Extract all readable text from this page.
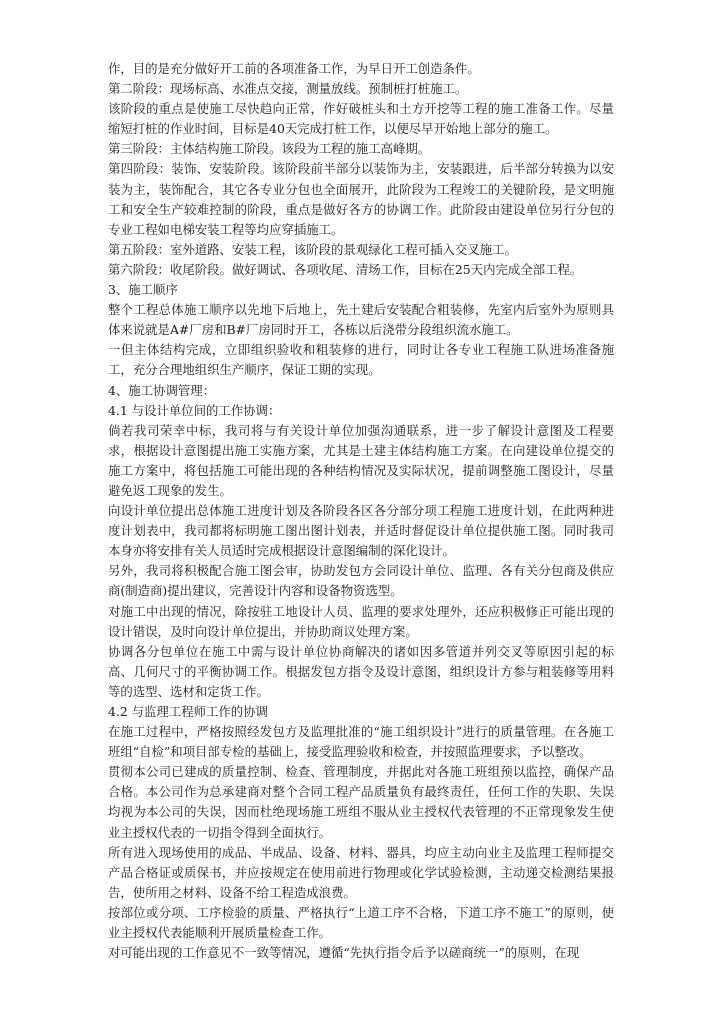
作，目的是充分做好开工前的各项准备工作，为早日开工创造条件。

第二阶段：现场标高、水准点交接，测量放线。预制桩打桩施工。

该阶段的重点是使施工尽快趋向正常，作好破桩头和土方开挖等工程的施工准备工作。尽量缩短打桩的作业时间，目标是40天完成打桩工作，以便尽早开始地上部分的施工。

第三阶段：主体结构施工阶段。该段为工程的施工高峰期。

第四阶段：装饰、安装阶段。该阶段前半部分以装饰为主，安装跟进，后半部分转换为以安装为主，装饰配合，其它各专业分包也全面展开，此阶段为工程竣工的关键阶段，是文明施工和安全生产较难控制的阶段，重点是做好各方的协调工作。此阶段由建设单位另行分包的专业工程如电梯安装工程等均应穿插施工。

第五阶段：室外道路、安装工程，该阶段的景观绿化工程可插入交叉施工。

第六阶段：收尾阶段。做好调试、各项收尾、清场工作，目标在25天内完成全部工程。

3、施工顺序

整个工程总体施工顺序以先地下后地上，先土建后安装配合粗装修，先室内后室外为原则具体来说就是A#厂房和B#厂房同时开工，各栋以后浇带分段组织流水施工。

一但主体结构完成，立即组织验收和粗装修的进行，同时让各专业工程施工队进场准备施工，充分合理地组织生产顺序，保证工期的实现。

4、施工协调管理：

4.1 与设计单位间的工作协调：

倘若我司荣幸中标，我司将与有关设计单位加强沟通联系，进一步了解设计意图及工程要求，根据设计意图提出施工实施方案，尤其是土建主体结构施工方案。在向建设单位提交的施工方案中，将包括施工可能出现的各种结构情况及实际状况，提前调整施工图设计，尽量避免返工现象的发生。

向设计单位提出总体施工进度计划及各阶段各区各分部分项工程施工进度计划，在此两种进度计划表中，我司都将标明施工图出图计划表，并适时督促设计单位提供施工图。同时我司本身亦将安排有关人员适时完成根据设计意图编制的深化设计。

另外，我司将积极配合施工图会审，协助发包方会同设计单位、监理、各有关分包商及供应商(制造商)提出建议，完善设计内容和设备物资选型。

对施工中出现的情况，除按驻工地设计人员、监理的要求处理外，还应积极修正可能出现的设计错误，及时向设计单位提出，并协助商议处理方案。

协调各分包单位在施工中需与设计单位协商解决的诸如因多管道并列交叉等原因引起的标高、几何尺寸的平衡协调工作。根据发包方指令及设计意图，组织设计方参与粗装修等用料等的选型、选材和定货工作。

4.2 与监理工程师工作的协调

在施工过程中，严格按照经发包方及监理批准的“施工组织设计”进行的质量管理。在各施工班组“自检”和项目部专检的基础上，接受监理验收和检查，并按照监理要求，予以整改。

贯彻本公司已建成的质量控制、检查、管理制度，并据此对各施工班组预以监控，确保产品合格。本公司作为总承建商对整个合同工程产品质量负有最终责任，任何工作的失职、失误均视为本公司的失误，因而杜绝现场施工班组不服从业主授权代表管理的不正常现象发生使业主授权代表的一切指令得到全面执行。

所有进入现场使用的成品、半成品、设备、材料、器具，均应主动向业主及监理工程师提交产品合格证或质保书，并应按规定在使用前进行物理或化学试验检测，主动递交检测结果报告，使所用之材料、设备不给工程造成浪费。

按部位或分项、工序检验的质量、严格执行“上道工序不合格，下道工序不施工”的原则，使业主授权代表能顺利开展质量检查工作。

对可能出现的工作意见不一致等情况，遵循“先执行指令后予以磋商统一”的原则，在现
